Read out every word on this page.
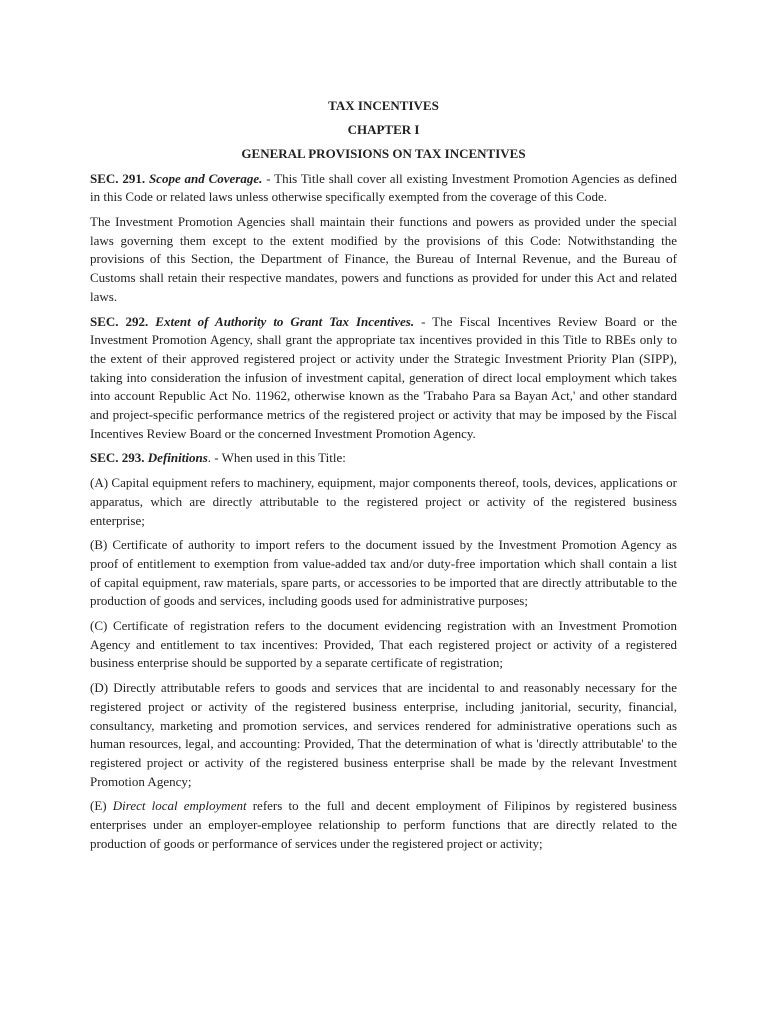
TAX INCENTIVES
CHAPTER I
GENERAL PROVISIONS ON TAX INCENTIVES

SEC. 291. Scope and Coverage. - This Title shall cover all existing Investment Promotion Agencies as defined in this Code or related laws unless otherwise specifically exempted from the coverage of this Code.

The Investment Promotion Agencies shall maintain their functions and powers as provided under the special laws governing them except to the extent modified by the provisions of this Code: Notwithstanding the provisions of this Section, the Department of Finance, the Bureau of Internal Revenue, and the Bureau of Customs shall retain their respective mandates, powers and functions as provided for under this Act and related laws.

SEC. 292. Extent of Authority to Grant Tax Incentives. - The Fiscal Incentives Review Board or the Investment Promotion Agency, shall grant the appropriate tax incentives provided in this Title to RBEs only to the extent of their approved registered project or activity under the Strategic Investment Priority Plan (SIPP), taking into consideration the infusion of investment capital, generation of direct local employment which takes into account Republic Act No. 11962, otherwise known as the 'Trabaho Para sa Bayan Act,' and other standard and project-specific performance metrics of the registered project or activity that may be imposed by the Fiscal Incentives Review Board or the concerned Investment Promotion Agency.

SEC. 293. Definitions. - When used in this Title:

(A) Capital equipment refers to machinery, equipment, major components thereof, tools, devices, applications or apparatus, which are directly attributable to the registered project or activity of the registered business enterprise;

(B) Certificate of authority to import refers to the document issued by the Investment Promotion Agency as proof of entitlement to exemption from value-added tax and/or duty-free importation which shall contain a list of capital equipment, raw materials, spare parts, or accessories to be imported that are directly attributable to the production of goods and services, including goods used for administrative purposes;

(C) Certificate of registration refers to the document evidencing registration with an Investment Promotion Agency and entitlement to tax incentives: Provided, That each registered project or activity of a registered business enterprise should be supported by a separate certificate of registration;

(D) Directly attributable refers to goods and services that are incidental to and reasonably necessary for the registered project or activity of the registered business enterprise, including janitorial, security, financial, consultancy, marketing and promotion services, and services rendered for administrative operations such as human resources, legal, and accounting: Provided, That the determination of what is 'directly attributable' to the registered project or activity of the registered business enterprise shall be made by the relevant Investment Promotion Agency;

(E) Direct local employment refers to the full and decent employment of Filipinos by registered business enterprises under an employer-employee relationship to perform functions that are directly related to the production of goods or performance of services under the registered project or activity;
